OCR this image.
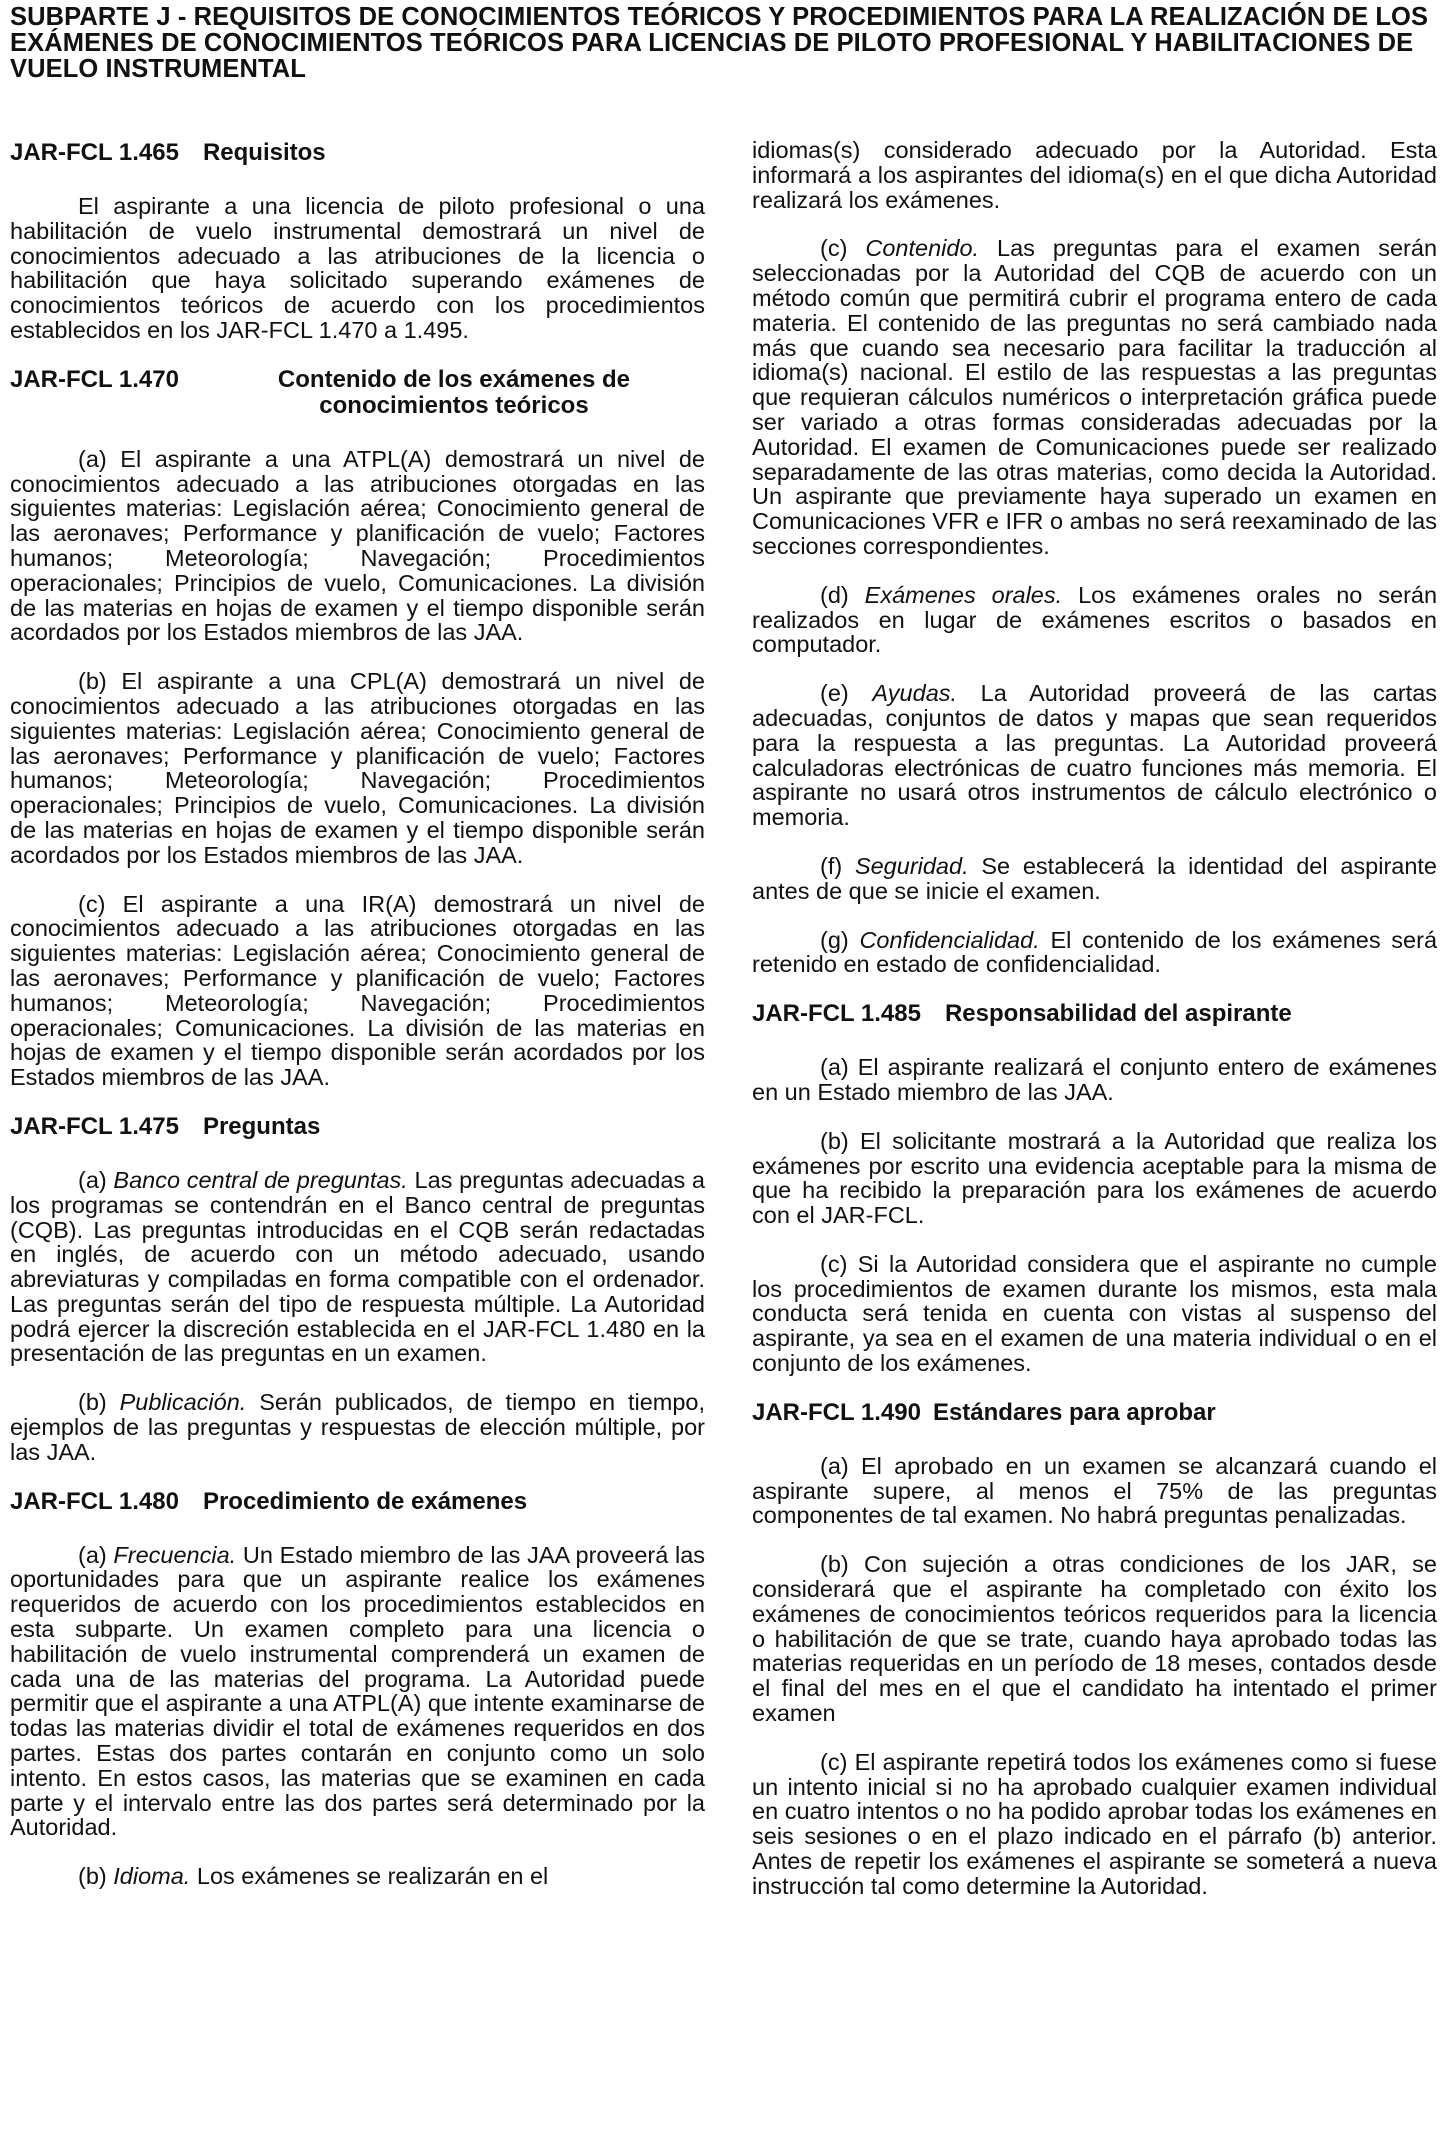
SUBPARTE J - REQUISITOS DE CONOCIMIENTOS TEÓRICOS Y PROCEDIMIENTOS PARA LA REALIZACIÓN DE LOS EXÁMENES DE CONOCIMIENTOS TEÓRICOS PARA LICENCIAS DE PILOTO PROFESIONAL Y HABILITACIONES DE VUELO INSTRUMENTAL
JAR-FCL 1.465 Requisitos

El aspirante a una licencia de piloto profesional o una habilitación de vuelo instrumental demostrará un nivel de conocimientos adecuado a las atribuciones de la licencia o habilitación que haya solicitado superando exámenes de conocimientos teóricos de acuerdo con los procedimientos establecidos en los JAR-FCL 1.470 a 1.495.

JAR-FCL 1.470	Contenido de los exámenes de conocimientos teóricos

(a) El aspirante a una ATPL(A) demostrará un nivel de conocimientos adecuado a las atribuciones otorgadas en las siguientes materias: Legislación aérea; Conocimiento general de las aeronaves; Performance y planificación de vuelo; Factores humanos; Meteorología; Navegación; Procedimientos operacionales; Principios de vuelo, Comunicaciones. La división de las materias en hojas de examen y el tiempo disponible serán acordados por los Estados miembros de las JAA.

(b) El aspirante a una CPL(A) demostrará un nivel de conocimientos adecuado a las atribuciones otorgadas en las siguientes materias: Legislación aérea; Conocimiento general de las aeronaves; Performance y planificación de vuelo; Factores humanos; Meteorología; Navegación; Procedimientos operacionales; Principios de vuelo, Comunicaciones. La división de las materias en hojas de examen y el tiempo disponible serán acordados por los Estados miembros de las JAA.

(c) El aspirante a una IR(A) demostrará un nivel de conocimientos adecuado a las atribuciones otorgadas en las siguientes materias: Legislación aérea; Conocimiento general de las aeronaves; Performance y planificación de vuelo; Factores humanos; Meteorología; Navegación; Procedimientos operacionales; Comunicaciones. La división de las materias en hojas de examen y el tiempo disponible serán acordados por los Estados miembros de las JAA.

JAR-FCL 1.475 Preguntas

(a) Banco central de preguntas. Las preguntas adecuadas a los programas se contendrán en el Banco central de preguntas (CQB). Las preguntas introducidas en el CQB serán redactadas en inglés, de acuerdo con un método adecuado, usando abreviaturas y compiladas en forma compatible con el ordenador. Las preguntas serán del tipo de respuesta múltiple. La Autoridad podrá ejercer la discreción establecida en el JAR-FCL 1.480 en la presentación de las preguntas en un examen.

(b) Publicación. Serán publicados, de tiempo en tiempo, ejemplos de las preguntas y respuestas de elección múltiple, por las JAA.

JAR-FCL 1.480 Procedimiento de exámenes

(a) Frecuencia. Un Estado miembro de las JAA proveerá las oportunidades para que un aspirante realice los exámenes requeridos de acuerdo con los procedimientos establecidos en esta subparte. Un examen completo para una licencia o habilitación de vuelo instrumental comprenderá un examen de cada una de las materias del programa. La Autoridad puede permitir que el aspirante a una ATPL(A) que intente examinarse de todas las materias dividir el total de exámenes requeridos en dos partes. Estas dos partes contarán en conjunto como un solo intento. En estos casos, las materias que se examinen en cada parte y el intervalo entre las dos partes será determinado por la Autoridad.

(b) Idioma. Los exámenes se realizarán en el

idiomas(s) considerado adecuado por la Autoridad. Esta informará a los aspirantes del idioma(s) en el que dicha Autoridad realizará los exámenes.

(c) Contenido. Las preguntas para el examen serán seleccionadas por la Autoridad del CQB de acuerdo con un método común que permitirá cubrir el programa entero de cada materia. El contenido de las preguntas no será cambiado nada más que cuando sea necesario para facilitar la traducción al idioma(s) nacional. El estilo de las respuestas a las preguntas que requieran cálculos numéricos o interpretación gráfica puede ser variado a otras formas consideradas adecuadas por la Autoridad. El examen de Comunicaciones puede ser realizado separadamente de las otras materias, como decida la Autoridad. Un aspirante que previamente haya superado un examen en Comunicaciones VFR e IFR o ambas no será reexaminado de las secciones correspondientes.

(d) Exámenes orales. Los exámenes orales no serán realizados en lugar de exámenes escritos o basados en computador.

(e) Ayudas. La Autoridad proveerá de las cartas adecuadas, conjuntos de datos y mapas que sean requeridos para la respuesta a las preguntas. La Autoridad proveerá calculadoras electrónicas de cuatro funciones más memoria. El aspirante no usará otros instrumentos de cálculo electrónico o memoria.

(f) Seguridad. Se establecerá la identidad del aspirante antes de que se inicie el examen.

(g) Confidencialidad. El contenido de los exámenes será retenido en estado de confidencialidad.

JAR-FCL 1.485 Responsabilidad del aspirante

(a) El aspirante realizará el conjunto entero de exámenes en un Estado miembro de las JAA.

(b) El solicitante mostrará a la Autoridad que realiza los exámenes por escrito una evidencia aceptable para la misma de que ha recibido la preparación para los exámenes de acuerdo con el JAR-FCL.

(c) Si la Autoridad considera que el aspirante no cumple los procedimientos de examen durante los mismos, esta mala conducta será tenida en cuenta con vistas al suspenso del aspirante, ya sea en el examen de una materia individual o en el conjunto de los exámenes.

JAR-FCL 1.490 Estándares para aprobar

(a) El aprobado en un examen se alcanzará cuando el aspirante supere, al menos el 75% de las preguntas componentes de tal examen. No habrá preguntas penalizadas.

(b) Con sujeción a otras condiciones de los JAR, se considerará que el aspirante ha completado con éxito los exámenes de conocimientos teóricos requeridos para la licencia o habilitación de que se trate, cuando haya aprobado todas las materias requeridas en un período de 18 meses, contados desde el final del mes en el que el candidato ha intentado el primer examen

(c) El aspirante repetirá todos los exámenes como si fuese un intento inicial si no ha aprobado cualquier examen individual en cuatro intentos o no ha podido aprobar todas los exámenes en seis sesiones o en el plazo indicado en el párrafo (b) anterior. Antes de repetir los exámenes el aspirante se someterá a nueva instrucción tal como determine la Autoridad.
